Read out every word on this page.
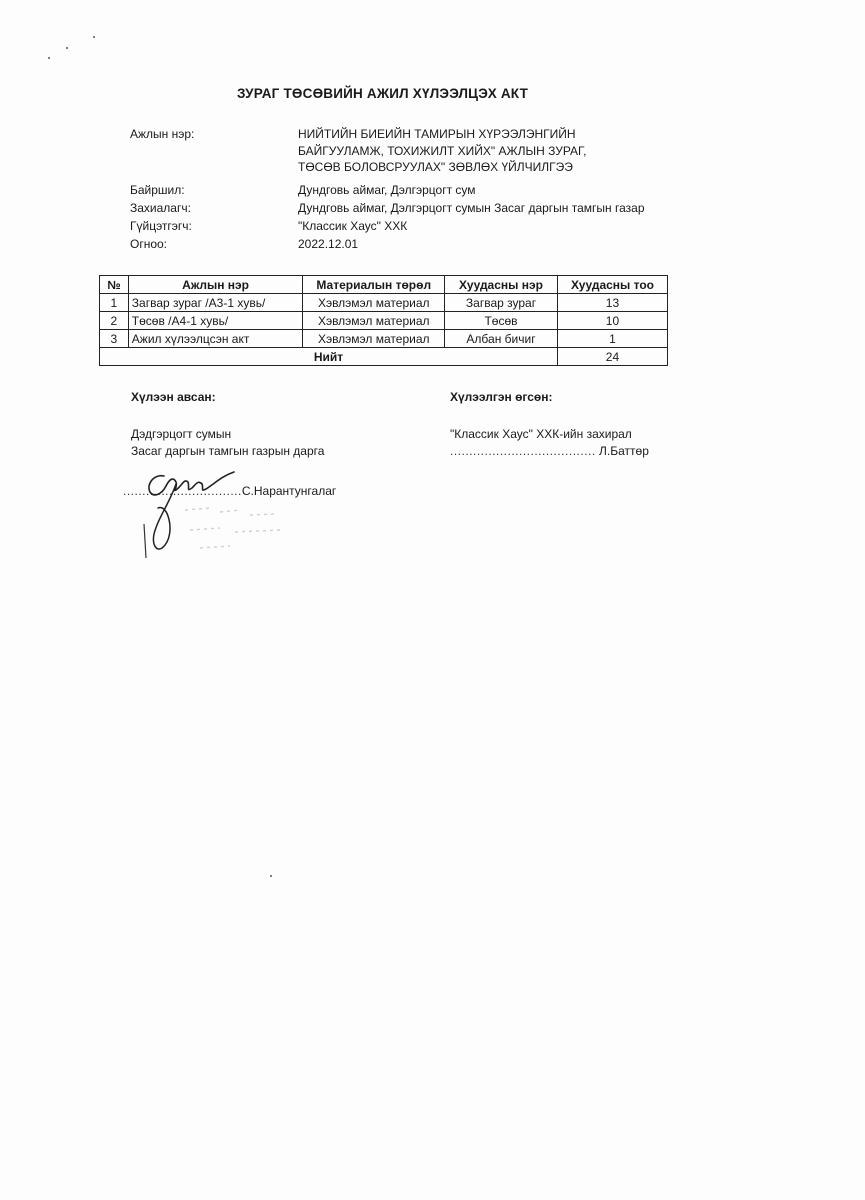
ЗУРАГ ТӨСӨВИЙН АЖИЛ ХҮЛЭЭЛЦЭХ АКТ
Ажлын нэр:	НИЙТИЙН БИЕИЙН ТАМИРЫН ХҮРЭЭЛЭНГИЙН
БАЙГУУЛАМЖ, ТОХИЖИЛТ ХИЙХ" АЖЛЫН ЗУРАГ,
ТӨСӨВ БОЛОВСРУУЛАХ" ЗӨВЛӨХ ҮЙЛЧИЛГЭЭ
Байршил:	Дундговь аймаг, Дэлгэрцогт сум
Захиалагч:	Дундговь аймаг, Дэлгэрцогт сумын Засаг даргын тамгын газар
Гүйцэтгэгч:	"Классик Хаус" ХХК
Огноо:	2022.12.01
№	Ажлын нэр	Материалын төрөл	Хуудасны нэр	Хуудасны тоо
1	Загвар зураг /А3-1 хувь/	Хэвлэмэл материал	Загвар зураг	13
2	Төсөв /А4-1 хувь/	Хэвлэмэл материал	Төсөв	10
3	Ажил хүлээлцсэн акт	Хэвлэмэл материал	Албан бичиг	1
Нийт				24
Хүлээн авсан:
Дэдгэрцогт сумын
Засаг даргын тамгын газрын дарга
...............................С.Нарантунгалаг
Хүлээлгэн өгсөн:
"Классик Хаус" ХХК-ийн захирал
...................................... Л.Баттөр
